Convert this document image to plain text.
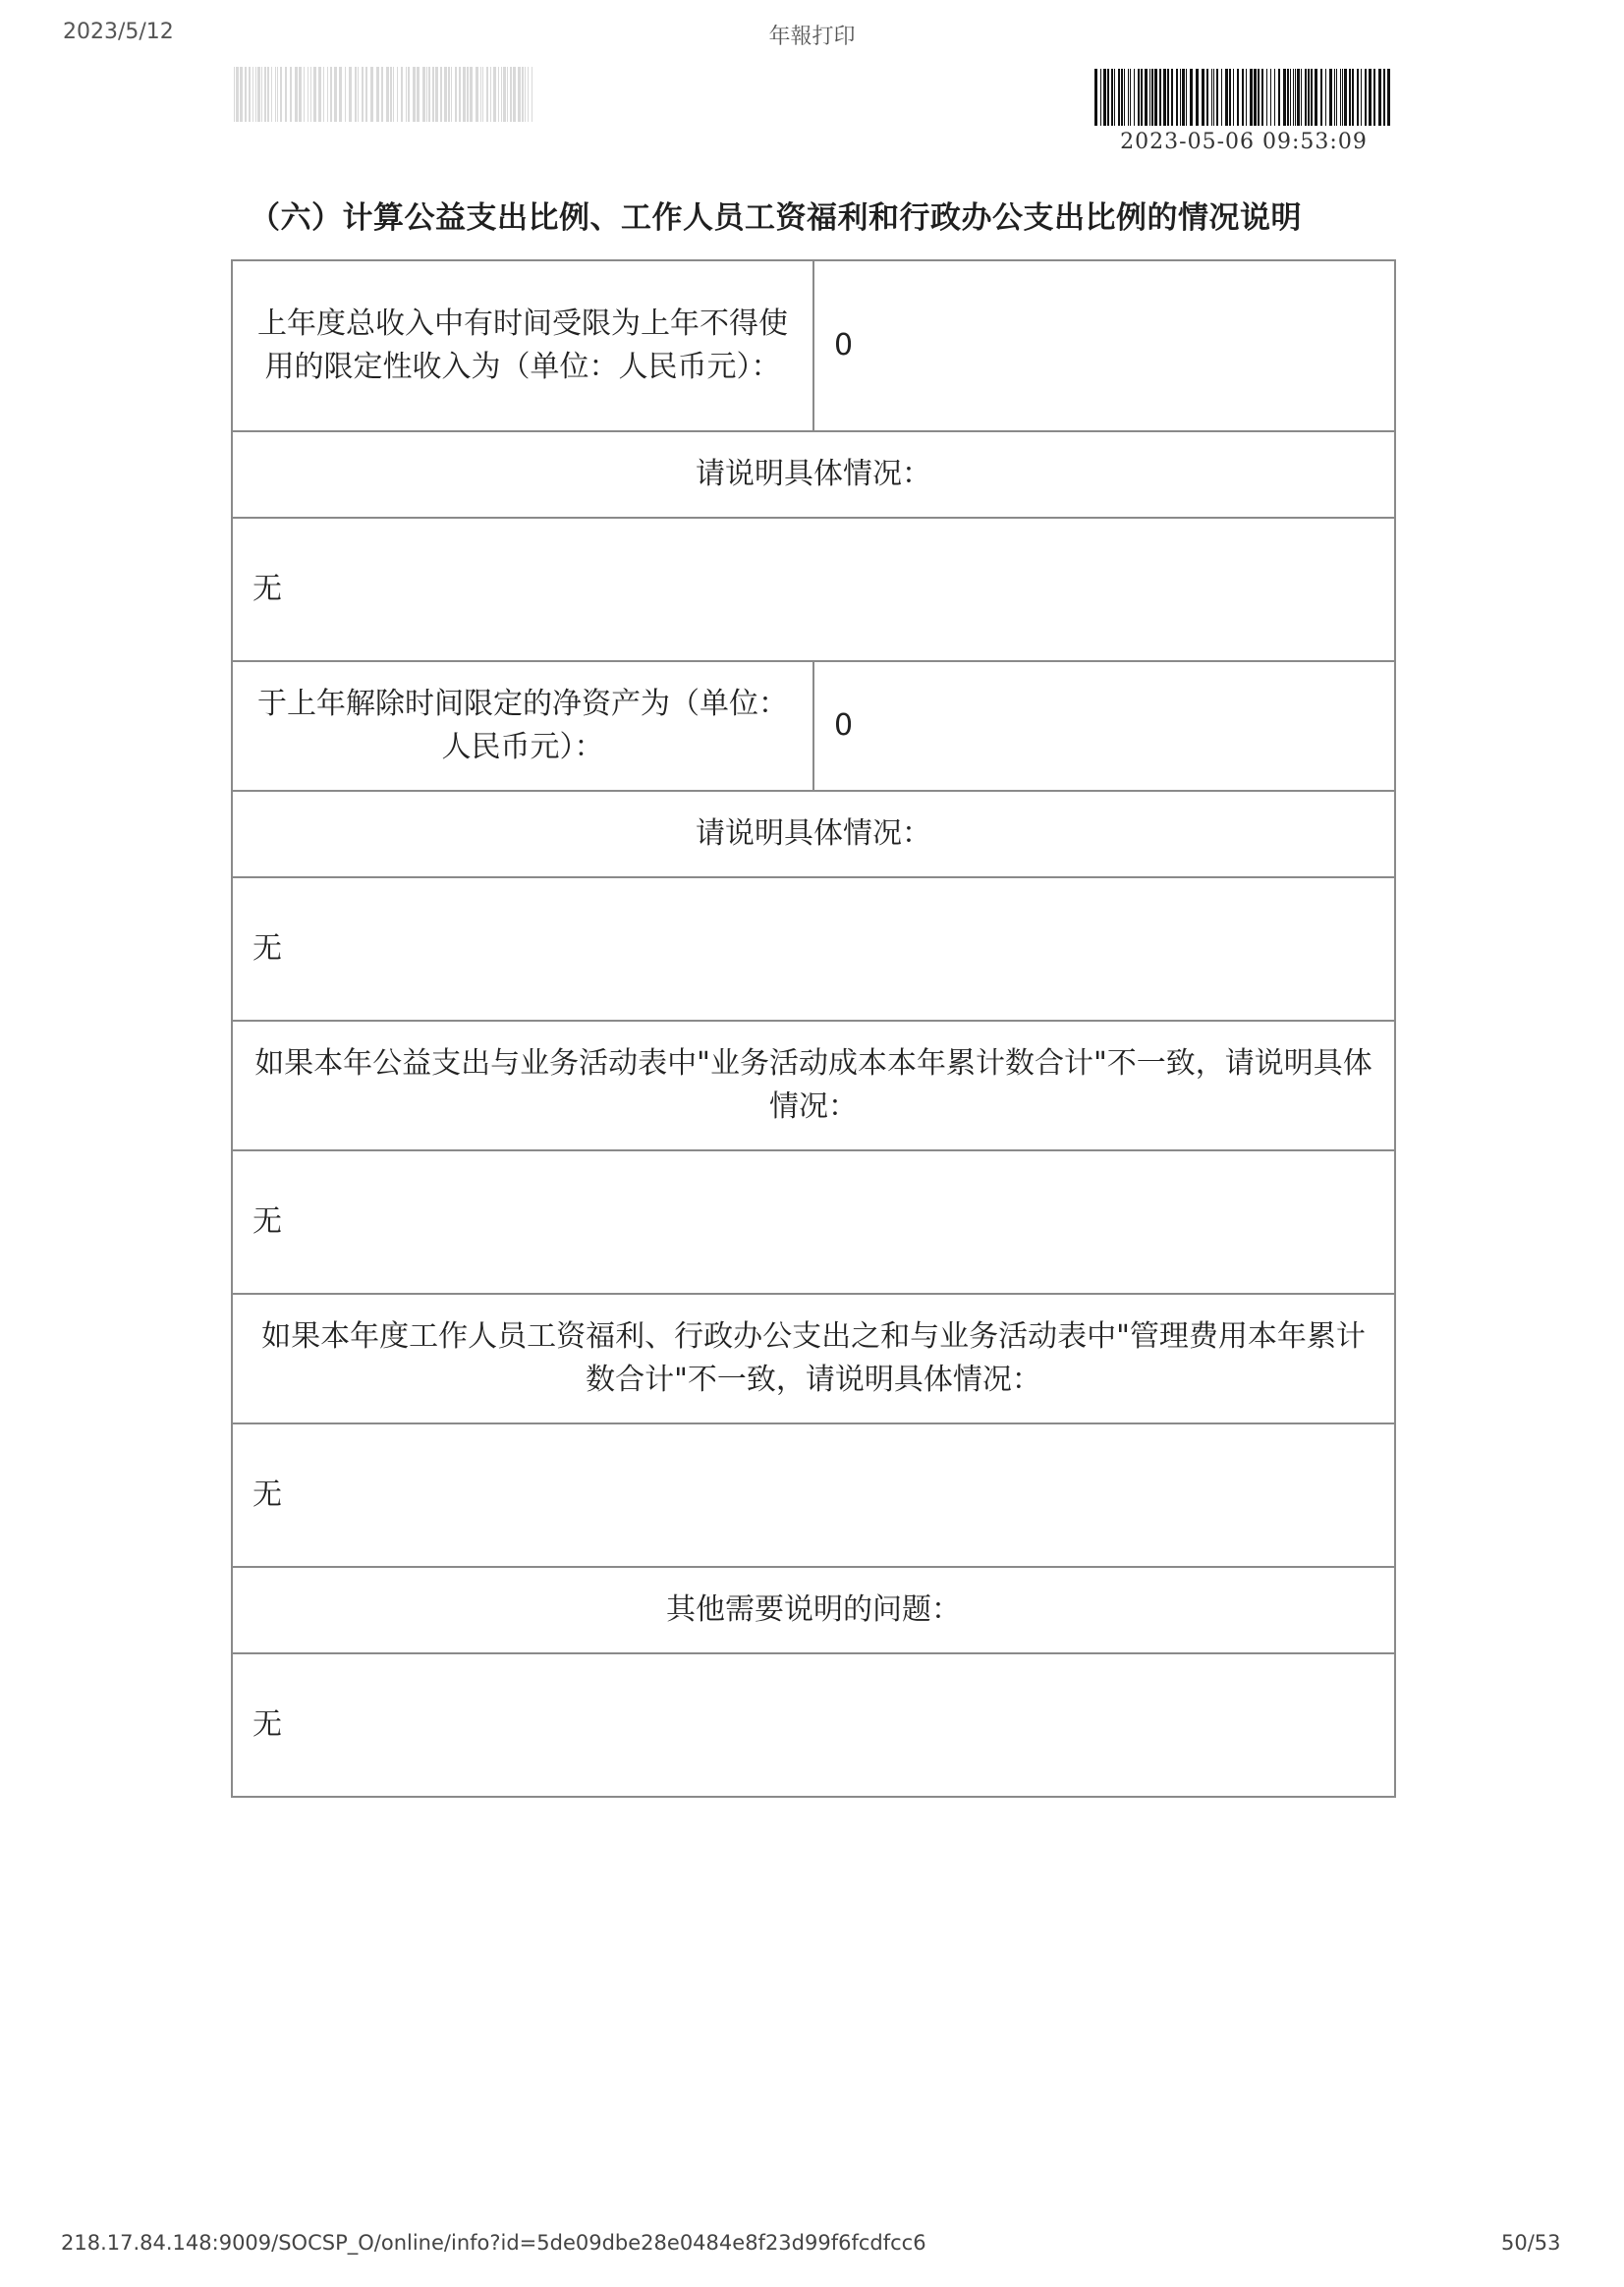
2023/5/12	年報打印
2023-05-06 09:53:09
（六）计算公益支出比例、工作人员工资福利和行政办公支出比例的情况说明
上年度总收入中有时间受限为上年不得使用的限定性收入为（单位：人民币元）：	0
请说明具体情况：	
无	
于上年解除时间限定的净资产为（单位：人民币元）：	0
请说明具体情况：	
无	
如果本年公益支出与业务活动表中"业务活动成本本年累计数合计"不一致，请说明具体情况：	
无	
如果本年度工作人员工资福利、行政办公支出之和与业务活动表中"管理费用本年累计数合计"不一致，请说明具体情况：	
无	
其他需要说明的问题：	
无	
218.17.84.148:9009/SOCSP_O/online/info?id=5de09dbe28e0484e8f23d99f6fcdfcc6	50/53
